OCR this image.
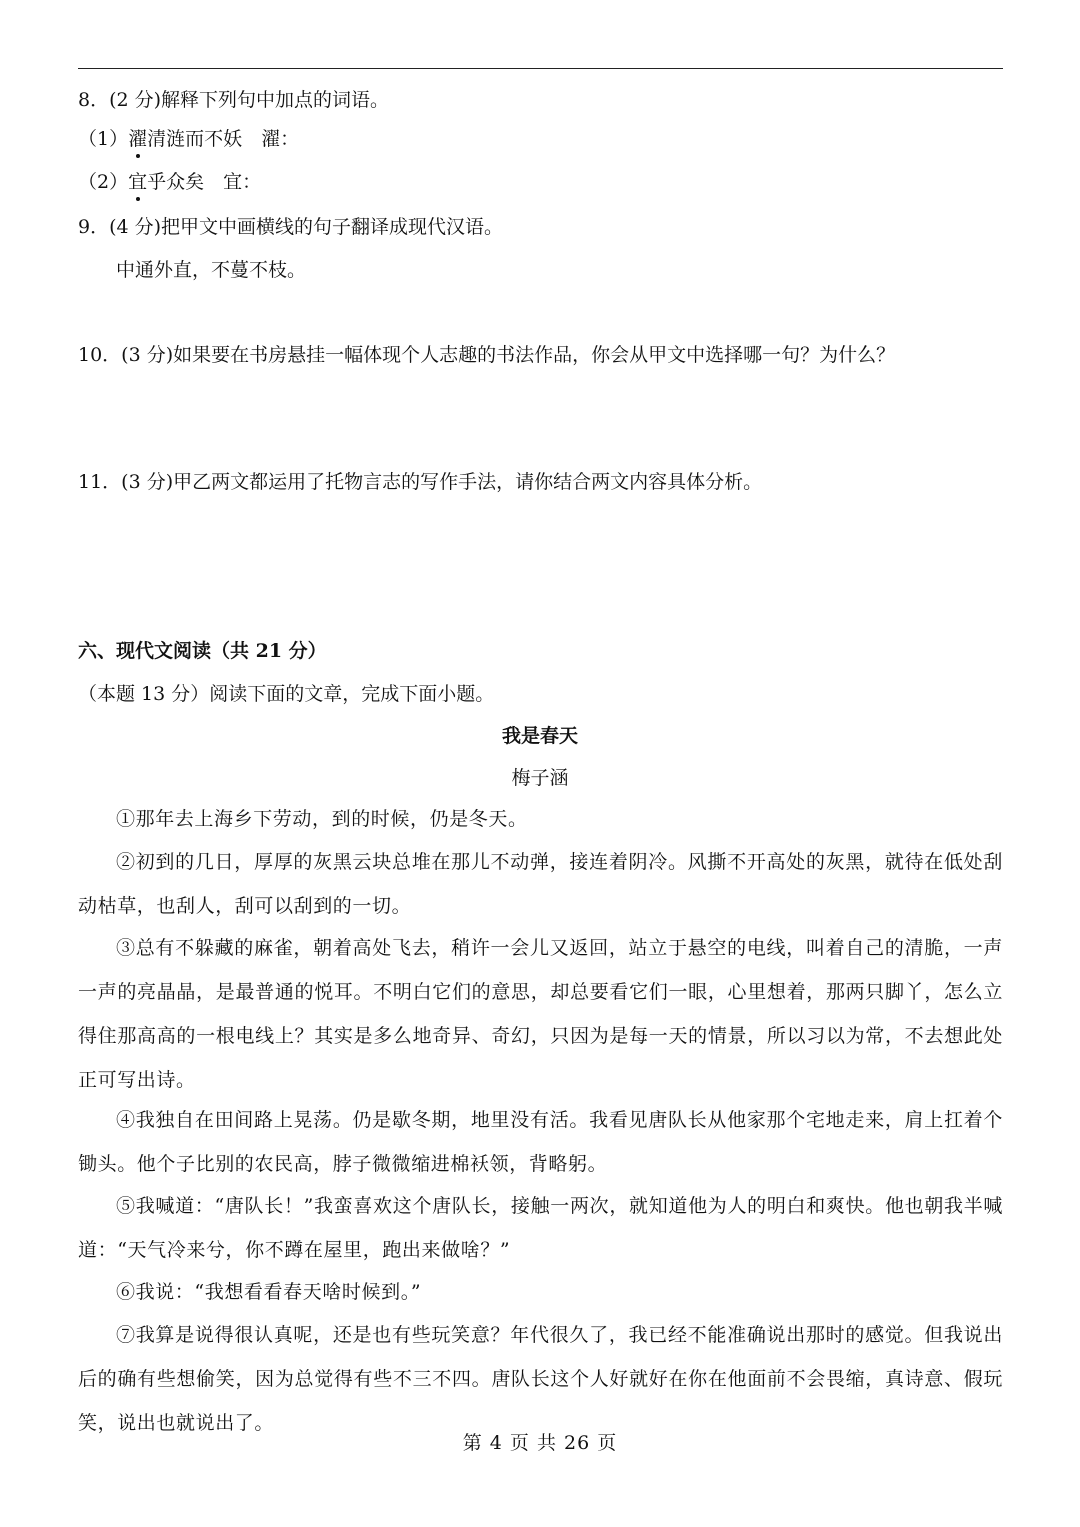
8．(2 分)解释下列句中加点的词语。
（1）濯清涟而不妖　濯：
（2）宜乎众矣　宜：
9．(4 分)把甲文中画横线的句子翻译成现代汉语。
中通外直，不蔓不枝。
10．(3 分)如果要在书房悬挂一幅体现个人志趣的书法作品，你会从甲文中选择哪一句？为什么？
11．(3 分)甲乙两文都运用了托物言志的写作手法，请你结合两文内容具体分析。
六、现代文阅读（共 21 分）
（本题 13 分）阅读下面的文章，完成下面小题。
我是春天
梅子涵
①那年去上海乡下劳动，到的时候，仍是冬天。
②初到的几日，厚厚的灰黑云块总堆在那儿不动弹，接连着阴冷。风撕不开高处的灰黑，就待在低处刮动枯草，也刮人，刮可以刮到的一切。
③总有不躲藏的麻雀，朝着高处飞去，稍许一会儿又返回，站立于悬空的电线，叫着自己的清脆，一声一声的亮晶晶，是最普通的悦耳。不明白它们的意思，却总要看它们一眼，心里想着，那两只脚丫，怎么立得住那高高的一根电线上？其实是多么地奇异、奇幻，只因为是每一天的情景，所以习以为常，不去想此处正可写出诗。
④我独自在田间路上晃荡。仍是歇冬期，地里没有活。我看见唐队长从他家那个宅地走来，肩上扛着个锄头。他个子比别的农民高，脖子微微缩进棉袄领，背略躬。
⑤我喊道：“唐队长！”我蛮喜欢这个唐队长，接触一两次，就知道他为人的明白和爽快。他也朝我半喊道：“天气冷来兮，你不蹲在屋里，跑出来做啥？”
⑥我说：“我想看看春天啥时候到。”
⑦我算是说得很认真呢，还是也有些玩笑意？年代很久了，我已经不能准确说出那时的感觉。但我说出后的确有些想偷笑，因为总觉得有些不三不四。唐队长这个人好就好在你在他面前不会畏缩，真诗意、假玩笑，说出也就说出了。
第 4 页 共 26 页
